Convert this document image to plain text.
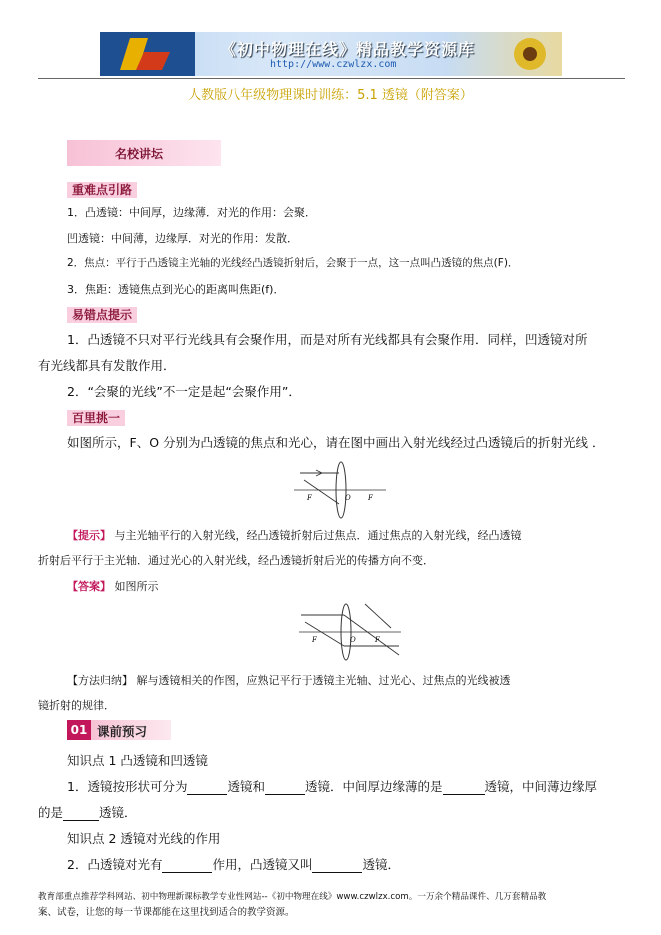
《初中物理在线》精品教学资源库
http://www.czwlzx.com
人教版八年级物理课时训练：5.1 透镜（附答案）
名校讲坛
重难点引路
1．凸透镜：中间厚，边缘薄．对光的作用：会聚．
凹透镜：中间薄，边缘厚．对光的作用：发散．
2．焦点：平行于凸透镜主光轴的光线经凸透镜折射后，会聚于一点，这一点叫凸透镜的焦点(F)．
3．焦距：透镜焦点到光心的距离叫焦距(f)．
易错点提示
1．凸透镜不只对平行光线具有会聚作用，而是对所有光线都具有会聚作用．同样，凹透镜对所
有光线都具有发散作用．
2．“会聚的光线”不一定是起“会聚作用”．
百里挑一
如图所示，F、O 分别为凸透镜的焦点和光心，请在图中画出入射光线经过凸透镜后的折射光线 ．
F	O F
【提示】 与主光轴平行的入射光线，经凸透镜折射后过焦点．通过焦点的入射光线，经凸透镜
折射后平行于主光轴．通过光心的入射光线，经凸透镜折射后光的传播方向不变．
【答案】 如图所示
F	O	F
【方法归纳】 解与透镜相关的作图，应熟记平行于透镜主光轴、过光心、过焦点的光线被透
镜折射的规律．
01 课前预习
知识点 1 凸透镜和凹透镜
1．透镜按形状可分为	透镜和	透镜．中间厚边缘薄的是	透镜，中间薄边缘厚
的是	透镜．
知识点 2 透镜对光线的作用
2．凸透镜对光有	作用，凸透镜又叫	透镜．
教育部重点推荐学科网站、初中物理新课标教学专业性网站--《初中物理在线》www.czwlzx.com。一万余个精品课件、几万套精品教
案、试卷，让您的每一节课都能在这里找到适合的教学资源。
